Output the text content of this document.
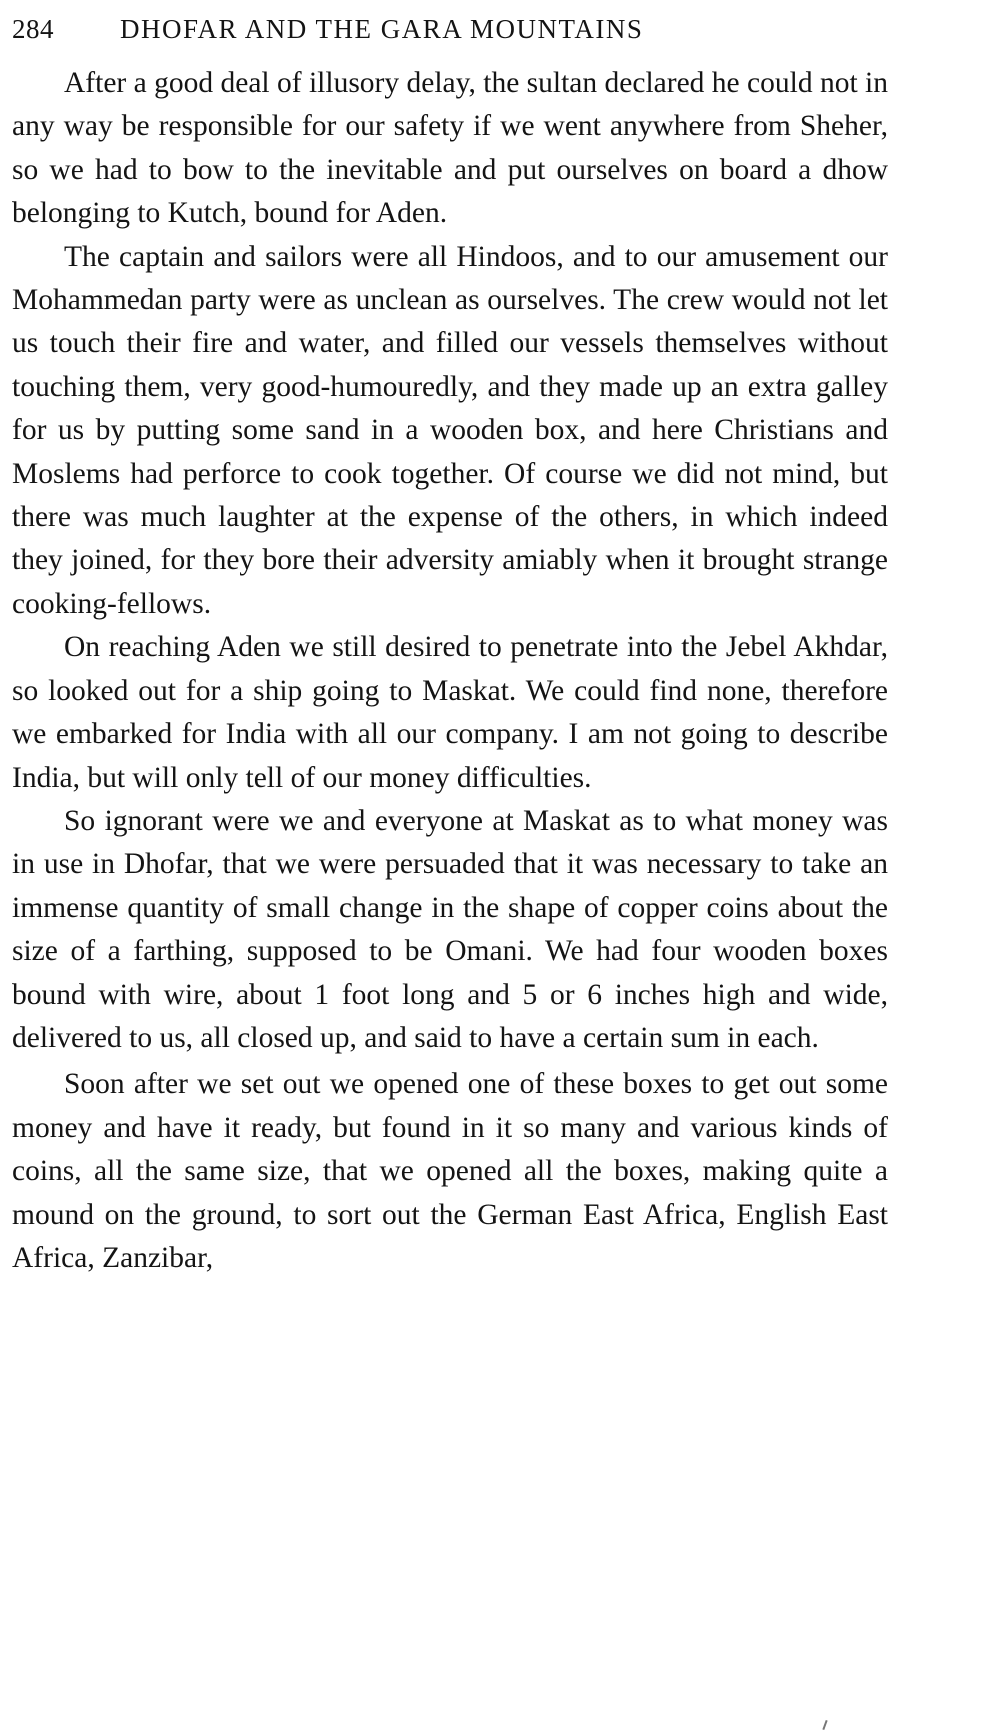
284 DHOFAR AND THE GARA MOUNTAINS

After a good deal of illusory delay, the sultan declared he could not in any way be responsible for our safety if we went anywhere from Sheher, so we had to bow to the inevitable and put ourselves on board a dhow belonging to Kutch, bound for Aden.

The captain and sailors were all Hindoos, and to our amusement our Mohammedan party were as unclean as ourselves. The crew would not let us touch their fire and water, and filled our vessels themselves without touching them, very good-humouredly, and they made up an extra galley for us by putting some sand in a wooden box, and here Christians and Moslems had perforce to cook together. Of course we did not mind, but there was much laughter at the expense of the others, in which indeed they joined, for they bore their adversity amiably when it brought strange cooking-fellows.

On reaching Aden we still desired to penetrate into the Jebel Akhdar, so looked out for a ship going to Maskat. We could find none, therefore we embarked for India with all our company. I am not going to describe India, but will only tell of our money difficulties.

So ignorant were we and everyone at Maskat as to what money was in use in Dhofar, that we were persuaded that it was necessary to take an immense quantity of small change in the shape of copper coins about the size of a farthing, supposed to be Omani. We had four wooden boxes bound with wire, about 1 foot long and 5 or 6 inches high and wide, delivered to us, all closed up, and said to have a certain sum in each.

Soon after we set out we opened one of these boxes to get out some money and have it ready, but found in it so many and various kinds of coins, all the same size, that we opened all the boxes, making quite a mound on the ground, to sort out the German East Africa, English East Africa, Zanzibar,
